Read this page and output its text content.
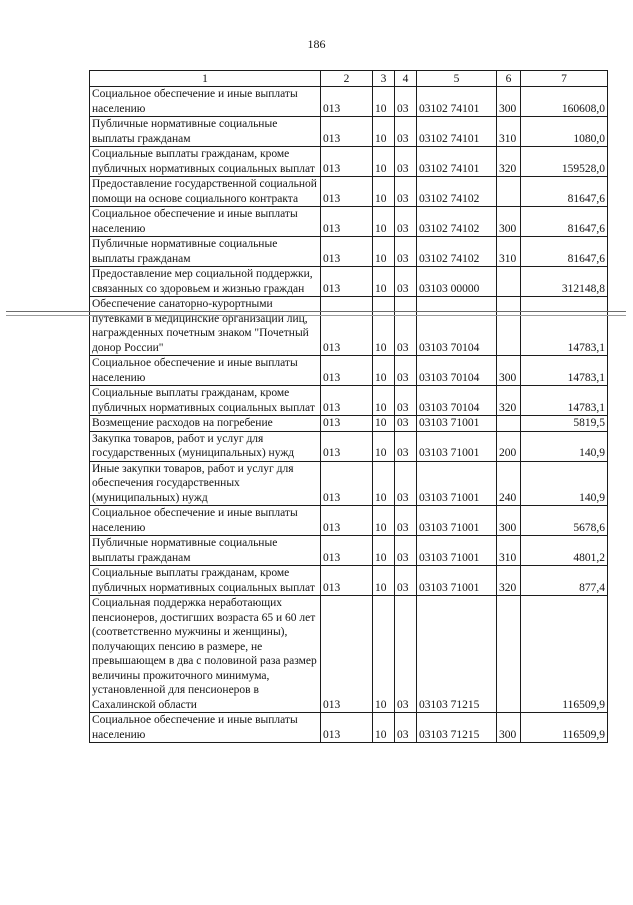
186
1	2	3	4	5	6	7
Социальное обеспечение и иные выплаты населению	013	10	03	03102 74101	300	160608,0
Публичные нормативные социальные выплаты гражданам	013	10	03	03102 74101	310	1080,0
Социальные выплаты гражданам, кроме публичных нормативных социальных выплат	013	10	03	03102 74101	320	159528,0
Предоставление государственной социальной помощи на основе социального контракта	013	10	03	03102 74102		81647,6
Социальное обеспечение и иные выплаты населению	013	10	03	03102 74102	300	81647,6
Публичные нормативные социальные выплаты гражданам	013	10	03	03102 74102	310	81647,6
Предоставление мер социальной поддержки, связанных со здоровьем и жизнью граждан	013	10	03	03103 00000		312148,8
Обеспечение санаторно-курортными путевками в медицинские организации лиц, награжденных почетным знаком "Почетный донор России"	013	10	03	03103 70104		14783,1
Социальное обеспечение и иные выплаты населению	013	10	03	03103 70104	300	14783,1
Социальные выплаты гражданам, кроме публичных нормативных социальных выплат	013	10	03	03103 70104	320	14783,1
Возмещение расходов на погребение	013	10	03	03103 71001		5819,5
Закупка товаров, работ и услуг для государственных (муниципальных) нужд	013	10	03	03103 71001	200	140,9
Иные закупки товаров, работ и услуг для обеспечения государственных (муниципальных) нужд	013	10	03	03103 71001	240	140,9
Социальное обеспечение и иные выплаты населению	013	10	03	03103 71001	300	5678,6
Публичные нормативные социальные выплаты гражданам	013	10	03	03103 71001	310	4801,2
Социальные выплаты гражданам, кроме публичных нормативных социальных выплат	013	10	03	03103 71001	320	877,4
Социальная поддержка неработающих пенсионеров, достигших возраста 65 и 60 лет (соответственно мужчины и женщины), получающих пенсию в размере, не превышающем в два с половиной раза размер величины прожиточного минимума, установленной для пенсионеров в Сахалинской области	013	10	03	03103 71215		116509,9
Социальное обеспечение и иные выплаты населению	013	10	03	03103 71215	300	116509,9
